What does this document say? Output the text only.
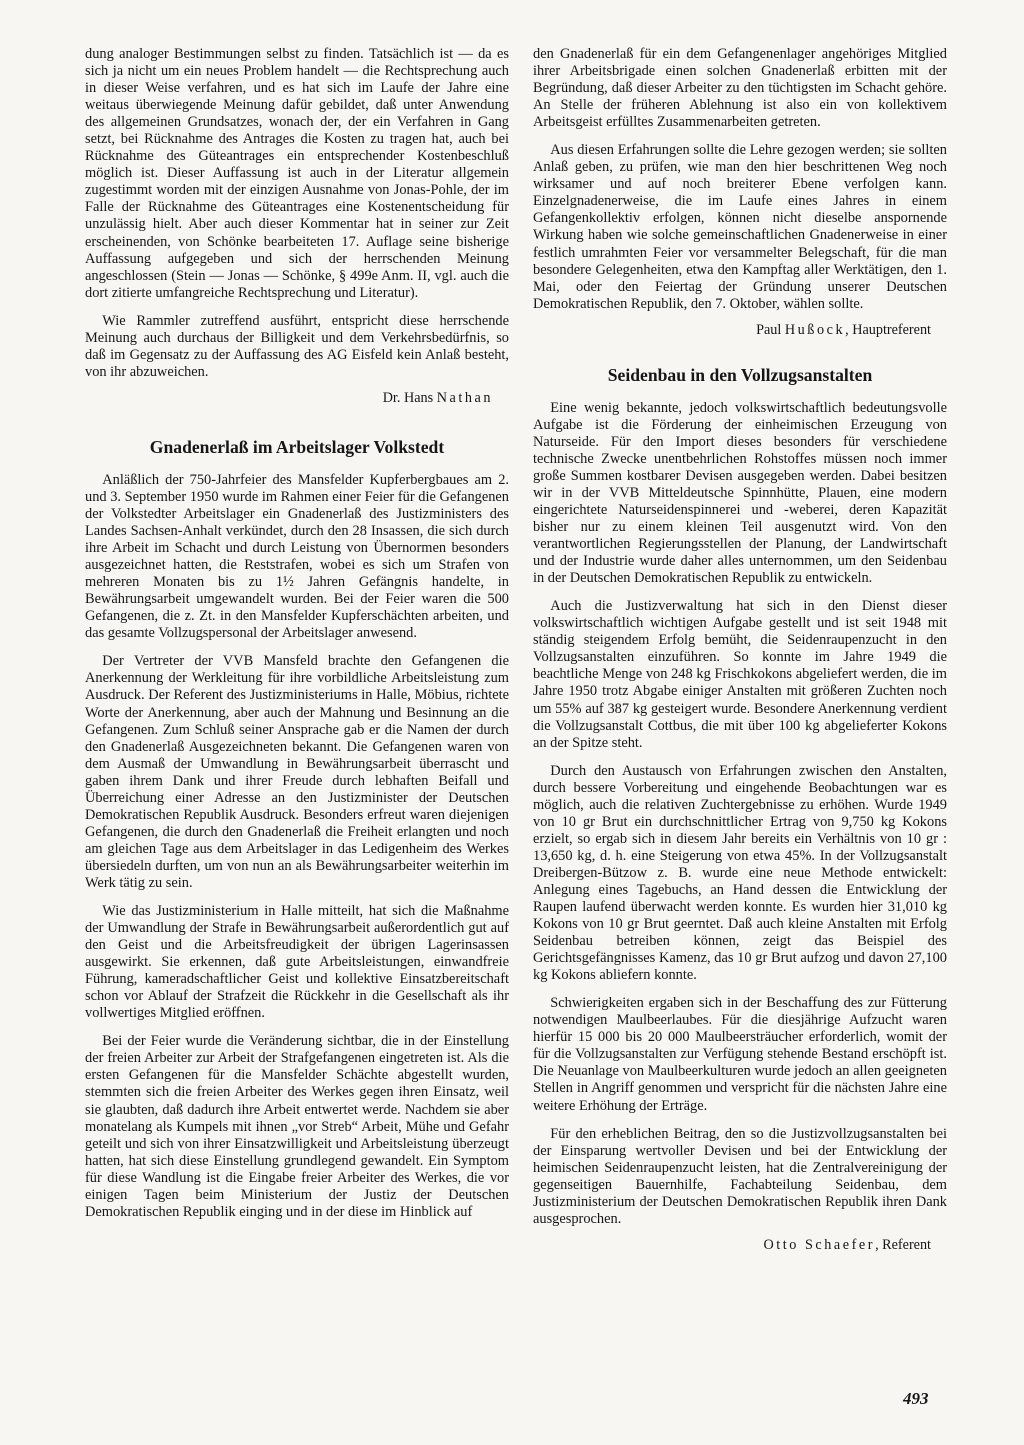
dung analoger Bestimmungen selbst zu finden. Tatsächlich ist — da es sich ja nicht um ein neues Problem handelt — die Rechtsprechung auch in dieser Weise verfahren, und es hat sich im Laufe der Jahre eine weitaus überwiegende Meinung dafür gebildet, daß unter Anwendung des allgemeinen Grundsatzes, wonach der, der ein Verfahren in Gang setzt, bei Rücknahme des Antrages die Kosten zu tragen hat, auch bei Rücknahme des Güteantrages ein entsprechender Kostenbeschluß möglich ist. Dieser Auffassung ist auch in der Literatur allgemein zugestimmt worden mit der einzigen Ausnahme von Jonas-Pohle, der im Falle der Rücknahme des Güteantrages eine Kostenentscheidung für unzulässig hielt. Aber auch dieser Kommentar hat in seiner zur Zeit erscheinenden, von Schönke bearbeiteten 17. Auflage seine bisherige Auffassung aufgegeben und sich der herrschenden Meinung angeschlossen (Stein — Jonas — Schönke, § 499e Anm. II, vgl. auch die dort zitierte umfangreiche Rechtsprechung und Literatur).

Wie Rammler zutreffend ausführt, entspricht diese herrschende Meinung auch durchaus der Billigkeit und dem Verkehrsbedürfnis, so daß im Gegensatz zu der Auffassung des AG Eisfeld kein Anlaß besteht, von ihr abzuweichen.

Dr. Hans Nathan
Gnadenerlaß im Arbeitslager Volkstedt

Anläßlich der 750-Jahrfeier des Mansfelder Kupferbergbaues am 2. und 3. September 1950 wurde im Rahmen einer Feier für die Gefangenen der Volkstedter Arbeitslager ein Gnadenerlaß des Justizministers des Landes Sachsen-Anhalt verkündet, durch den 28 Insassen, die sich durch ihre Arbeit im Schacht und durch Leistung von Übernormen besonders ausgezeichnet hatten, die Reststrafen, wobei es sich um Strafen von mehreren Monaten bis zu 1½ Jahren Gefängnis handelte, in Bewährungsarbeit umgewandelt wurden. Bei der Feier waren die 500 Gefangenen, die z. Zt. in den Mansfelder Kupferschächten arbeiten, und das gesamte Vollzugspersonal der Arbeitslager anwesend.

Der Vertreter der VVB Mansfeld brachte den Gefangenen die Anerkennung der Werkleitung für ihre vorbildliche Arbeitsleistung zum Ausdruck. Der Referent des Justizministeriums in Halle, Möbius, richtete Worte der Anerkennung, aber auch der Mahnung und Besinnung an die Gefangenen. Zum Schluß seiner Ansprache gab er die Namen der durch den Gnadenerlaß Ausgezeichneten bekannt. Die Gefangenen waren von dem Ausmaß der Umwandlung in Bewährungsarbeit überrascht und gaben ihrem Dank und ihrer Freude durch lebhaften Beifall und Überreichung einer Adresse an den Justizminister der Deutschen Demokratischen Republik Ausdruck. Besonders erfreut waren diejenigen Gefangenen, die durch den Gnadenerlaß die Freiheit erlangten und noch am gleichen Tage aus dem Arbeitslager in das Ledigenheim des Werkes übersiedeln durften, um von nun an als Bewährungsarbeiter weiterhin im Werk tätig zu sein.

Wie das Justizministerium in Halle mitteilt, hat sich die Maßnahme der Umwandlung der Strafe in Bewährungsarbeit außerordentlich gut auf den Geist und die Arbeitsfreudigkeit der übrigen Lagerinsassen ausgewirkt. Sie erkennen, daß gute Arbeitsleistungen, einwandfreie Führung, kameradschaftlicher Geist und kollektive Einsatzbereitschaft schon vor Ablauf der Strafzeit die Rückkehr in die Gesellschaft als ihr vollwertiges Mitglied eröffnen.

Bei der Feier wurde die Veränderung sichtbar, die in der Einstellung der freien Arbeiter zur Arbeit der Strafgefangenen eingetreten ist. Als die ersten Gefangenen für die Mansfelder Schächte abgestellt wurden, stemmten sich die freien Arbeiter des Werkes gegen ihren Einsatz, weil sie glaubten, daß dadurch ihre Arbeit entwertet werde. Nachdem sie aber monatelang als Kumpels mit ihnen „vor Streb“ Arbeit, Mühe und Gefahr geteilt und sich von ihrer Einsatzwilligkeit und Arbeitsleistung überzeugt hatten, hat sich diese Einstellung grundlegend gewandelt. Ein Symptom für diese Wandlung ist die Eingabe freier Arbeiter des Werkes, die vor einigen Tagen beim Ministerium der Justiz der Deutschen Demokratischen Republik einging und in der diese im Hinblick auf

den Gnadenerlaß für ein dem Gefangenenlager angehöriges Mitglied ihrer Arbeitsbrigade einen solchen Gnadenerlaß erbitten mit der Begründung, daß dieser Arbeiter zu den tüchtigsten im Schacht gehöre. An Stelle der früheren Ablehnung ist also ein von kollektivem Arbeitsgeist erfülltes Zusammenarbeiten getreten.

Aus diesen Erfahrungen sollte die Lehre gezogen werden; sie sollten Anlaß geben, zu prüfen, wie man den hier beschrittenen Weg noch wirksamer und auf noch breiterer Ebene verfolgen kann. Einzelgnadenerweise, die im Laufe eines Jahres in einem Gefangenkollektiv erfolgen, können nicht dieselbe anspornende Wirkung haben wie solche gemeinschaftlichen Gnadenerweise in einer festlich umrahmten Feier vor versammelter Belegschaft, für die man besondere Gelegenheiten, etwa den Kampftag aller Werktätigen, den 1. Mai, oder den Feiertag der Gründung unserer Deutschen Demokratischen Republik, den 7. Oktober, wählen sollte.

Paul Hußock, Hauptreferent
Seidenbau in den Vollzugsanstalten

Eine wenig bekannte, jedoch volkswirtschaftlich bedeutungsvolle Aufgabe ist die Förderung der einheimischen Erzeugung von Naturseide. Für den Import dieses besonders für verschiedene technische Zwecke unentbehrlichen Rohstoffes müssen noch immer große Summen kostbarer Devisen ausgegeben werden. Dabei besitzen wir in der VVB Mitteldeutsche Spinnhütte, Plauen, eine modern eingerichtete Naturseidenspinnerei und -weberei, deren Kapazität bisher nur zu einem kleinen Teil ausgenutzt wird. Von den verantwortlichen Regierungsstellen der Planung, der Landwirtschaft und der Industrie wurde daher alles unternommen, um den Seidenbau in der Deutschen Demokratischen Republik zu entwickeln.

Auch die Justizverwaltung hat sich in den Dienst dieser volkswirtschaftlich wichtigen Aufgabe gestellt und ist seit 1948 mit ständig steigendem Erfolg bemüht, die Seidenraupenzucht in den Vollzugsanstalten einzuführen. So konnte im Jahre 1949 die beachtliche Menge von 248 kg Frischkokons abgeliefert werden, die im Jahre 1950 trotz Abgabe einiger Anstalten mit größeren Zuchten noch um 55% auf 387 kg gesteigert wurde. Besondere Anerkennung verdient die Vollzugsanstalt Cottbus, die mit über 100 kg abgelieferter Kokons an der Spitze steht.

Durch den Austausch von Erfahrungen zwischen den Anstalten, durch bessere Vorbereitung und eingehende Beobachtungen war es möglich, auch die relativen Zuchtergebnisse zu erhöhen. Wurde 1949 von 10 gr Brut ein durchschnittlicher Ertrag von 9,750 kg Kokons erzielt, so ergab sich in diesem Jahr bereits ein Verhältnis von 10 gr : 13,650 kg, d. h. eine Steigerung von etwa 45%. In der Vollzugsanstalt Dreibergen-Bützow z. B. wurde eine neue Methode entwickelt: Anlegung eines Tagebuchs, an Hand dessen die Entwicklung der Raupen laufend überwacht werden konnte. Es wurden hier 31,010 kg Kokons von 10 gr Brut geerntet. Daß auch kleine Anstalten mit Erfolg Seidenbau betreiben können, zeigt das Beispiel des Gerichtsgefängnisses Kamenz, das 10 gr Brut aufzog und davon 27,100 kg Kokons abliefern konnte.

Schwierigkeiten ergaben sich in der Beschaffung des zur Fütterung notwendigen Maulbeerlaubes. Für die diesjährige Aufzucht waren hierfür 15 000 bis 20 000 Maulbeersträucher erforderlich, womit der für die Vollzugsanstalten zur Verfügung stehende Bestand erschöpft ist. Die Neuanlage von Maulbeerkulturen wurde jedoch an allen geeigneten Stellen in Angriff genommen und verspricht für die nächsten Jahre eine weitere Erhöhung der Erträge.

Für den erheblichen Beitrag, den so die Justizvollzugsanstalten bei der Einsparung wertvoller Devisen und bei der Entwicklung der heimischen Seidenraupenzucht leisten, hat die Zentralvereinigung der gegenseitigen Bauernhilfe, Fachabteilung Seidenbau, dem Justizministerium der Deutschen Demokratischen Republik ihren Dank ausgesprochen.

Otto Schaefer, Referent
493
